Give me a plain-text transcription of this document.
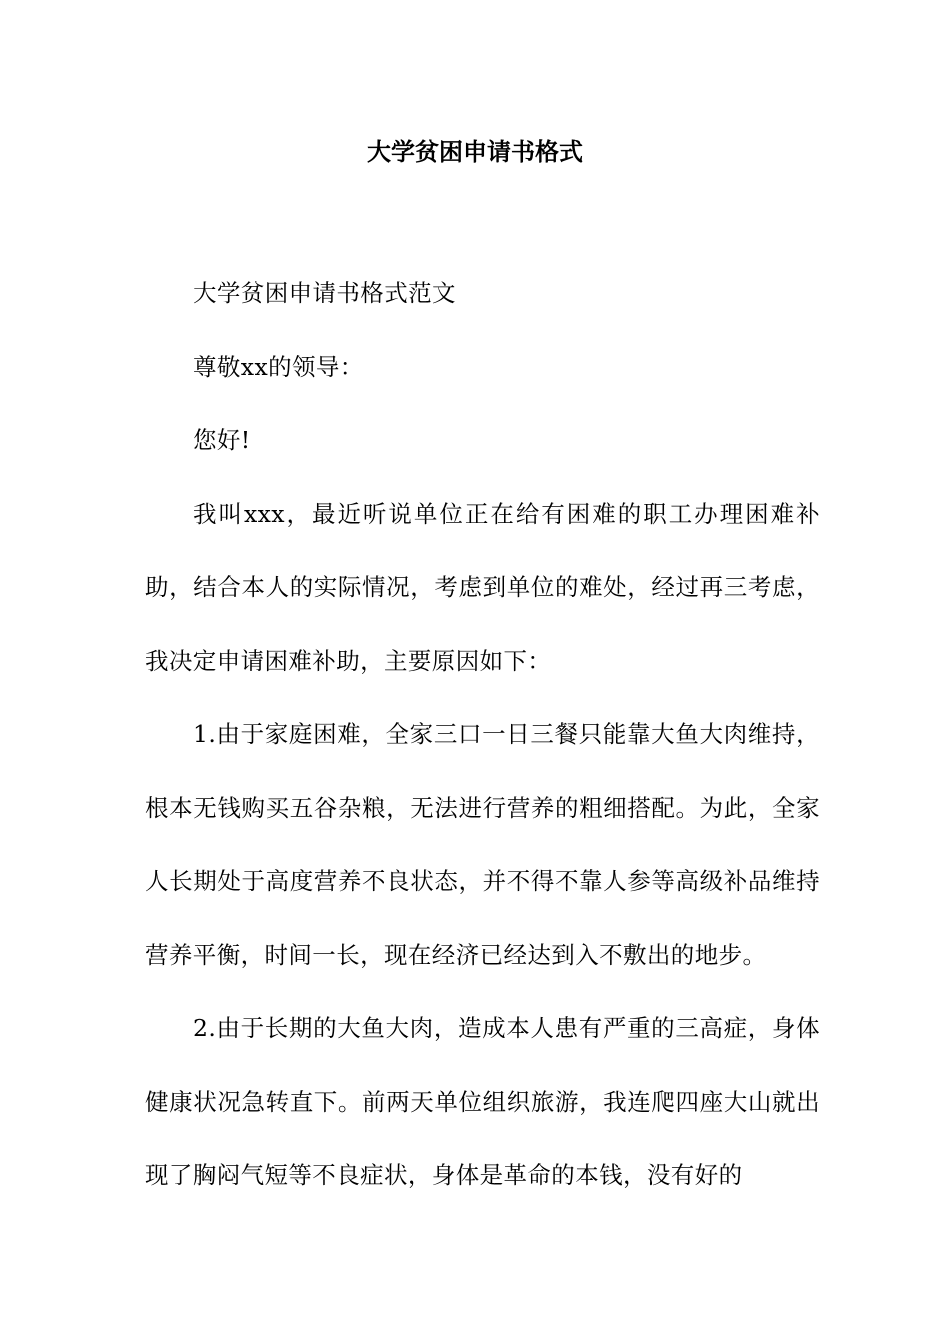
大学贫困申请书格式

大学贫困申请书格式范文

尊敬xx的领导：

您好!

我叫xxx，最近听说单位正在给有困难的职工办理困难补助，结合本人的实际情况，考虑到单位的难处，经过再三考虑，我决定申请困难补助，主要原因如下：

1.由于家庭困难，全家三口一日三餐只能靠大鱼大肉维持，根本无钱购买五谷杂粮，无法进行营养的粗细搭配。为此，全家人长期处于高度营养不良状态，并不得不靠人参等高级补品维持营养平衡，时间一长，现在经济已经达到入不敷出的地步。

2.由于长期的大鱼大肉，造成本人患有严重的三高症，身体健康状况急转直下。前两天单位组织旅游，我连爬四座大山就出现了胸闷气短等不良症状，身体是革命的本钱，没有好的
